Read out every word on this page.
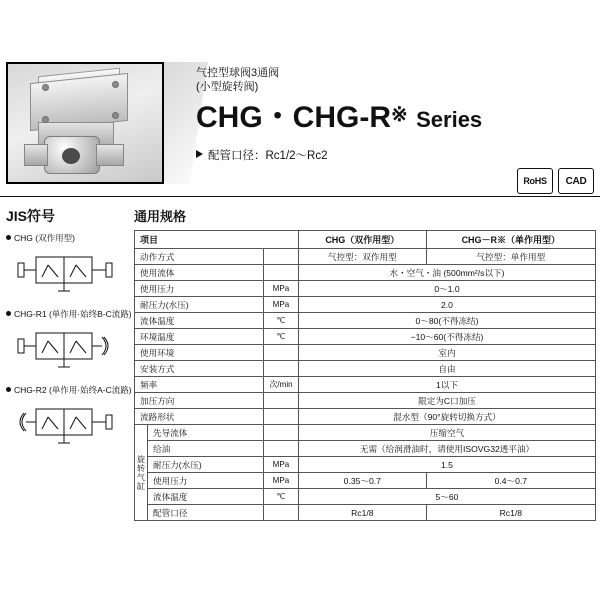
气控型球阀3通阀
(小型旋转阀)
CHG・CHG-R※ Series
配管口径：Rc1/2～Rc2
RoHS	CAD
JIS符号
CHG (双作用型)
CHG-R1 (单作用·始终B-C流路)
CHG-R2 (单作用·始终A-C流路)
通用规格
项目			CHG（双作用型）	CHG－R※（单作用型）
动作方式			气控型：双作用型	气控型：单作用型
使用流体			水・空气・油 (500mm²/s以下)	
使用压力		MPa	0～1.0	
耐压力(水压)		MPa	2.0	
流体温度		℃	0～80(不得冻结)	
环境温度		℃	−10～60(不得冻结)	
使用环境			室内	
安装方式			自由	
频率		次/min	1以下	
加压方向			限定为C口加压	
流路形状			混水型（90°旋转切换方式）	

旋
转
气
缸	先导流体		压缩空气	
	给油		无需（给润滑油时，请使用ISOVG32透平油）	
	耐压力(水压)	MPa	1.5	
	使用压力	MPa	0.35～0.7	0.4～0.7
	流体温度	℃	5～60	
	配管口径		Rc1/8	Rc1/8
